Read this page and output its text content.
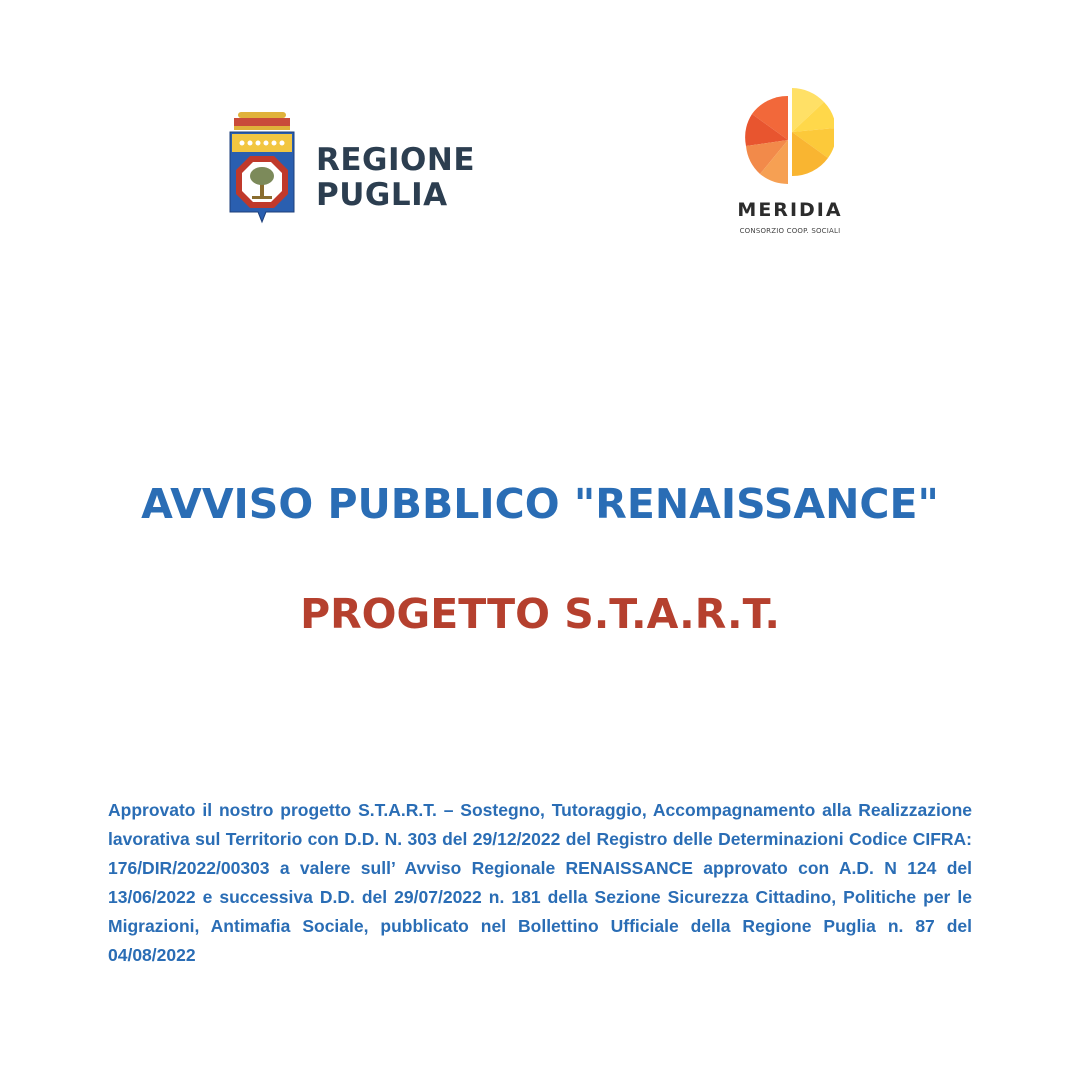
REGIONE
PUGLIA	MERIDIA
CONSORZIO COOP. SOCIALI
AVVISO PUBBLICO "RENAISSANCE"
PROGETTO S.T.A.R.T.

Approvato il nostro progetto S.T.A.R.T. – Sostegno, Tutoraggio, Accompagnamento alla Realizzazione lavorativa sul Territorio con D.D. N. 303 del 29/12/2022 del Registro delle Determinazioni Codice CIFRA: 176/DIR/2022/00303 a valere sull’ Avviso Regionale RENAISSANCE approvato con A.D. N 124 del 13/06/2022 e successiva D.D. del 29/07/2022 n. 181 della Sezione Sicurezza Cittadino, Politiche per le Migrazioni, Antimafia Sociale, pubblicato nel Bollettino Ufficiale della Regione Puglia n. 87 del 04/08/2022
